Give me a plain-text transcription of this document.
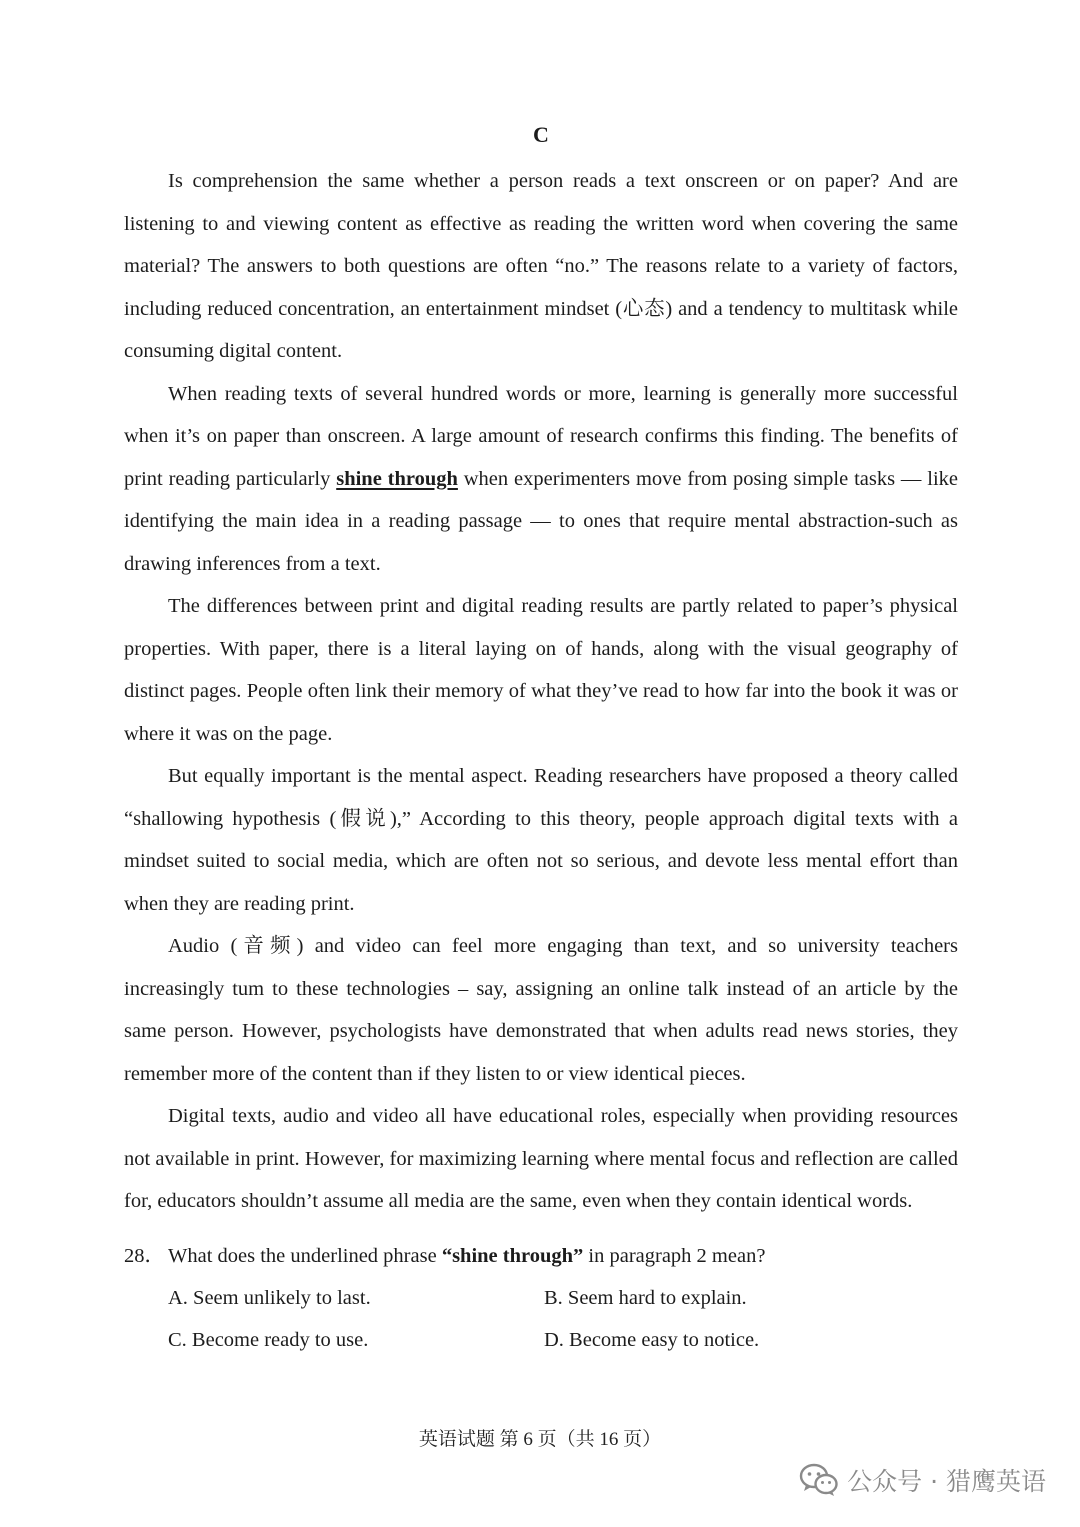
C

Is comprehension the same whether a person reads a text onscreen or on paper? And are listening to and viewing content as effective as reading the written word when covering the same material? The answers to both questions are often “no.” The reasons relate to a variety of factors, including reduced concentration, an entertainment mindset (心态) and a tendency to multitask while consuming digital content.

When reading texts of several hundred words or more, learning is generally more successful when it’s on paper than onscreen. A large amount of research confirms this finding. The benefits of print reading particularly shine through when experimenters move from posing simple tasks — like identifying the main idea in a reading passage — to ones that require mental abstraction-such as drawing inferences from a text.

The differences between print and digital reading results are partly related to paper’s physical properties. With paper, there is a literal laying on of hands, along with the visual geography of distinct pages. People often link their memory of what they’ve read to how far into the book it was or where it was on the page.

But equally important is the mental aspect. Reading researchers have proposed a theory called “shallowing hypothesis (假说),” According to this theory, people approach digital texts with a mindset suited to social media, which are often not so serious, and devote less mental effort than when they are reading print.

Audio (音频) and video can feel more engaging than text, and so university teachers increasingly tum to these technologies – say, assigning an online talk instead of an article by the same person. However, psychologists have demonstrated that when adults read news stories, they remember more of the content than if they listen to or view identical pieces.

Digital texts, audio and video all have educational roles, especially when providing resources not available in print. However, for maximizing learning where mental focus and reflection are called for, educators shouldn’t assume all media are the same, even when they contain identical words.

28． What does the underlined phrase “shine through” in paragraph 2 mean?
A. Seem unlikely to last.	B. Seem hard to explain.
C. Become ready to use.	D. Become easy to notice.
英语试题 第 6 页（共 16 页）
公众号 · 猎鹰英语
